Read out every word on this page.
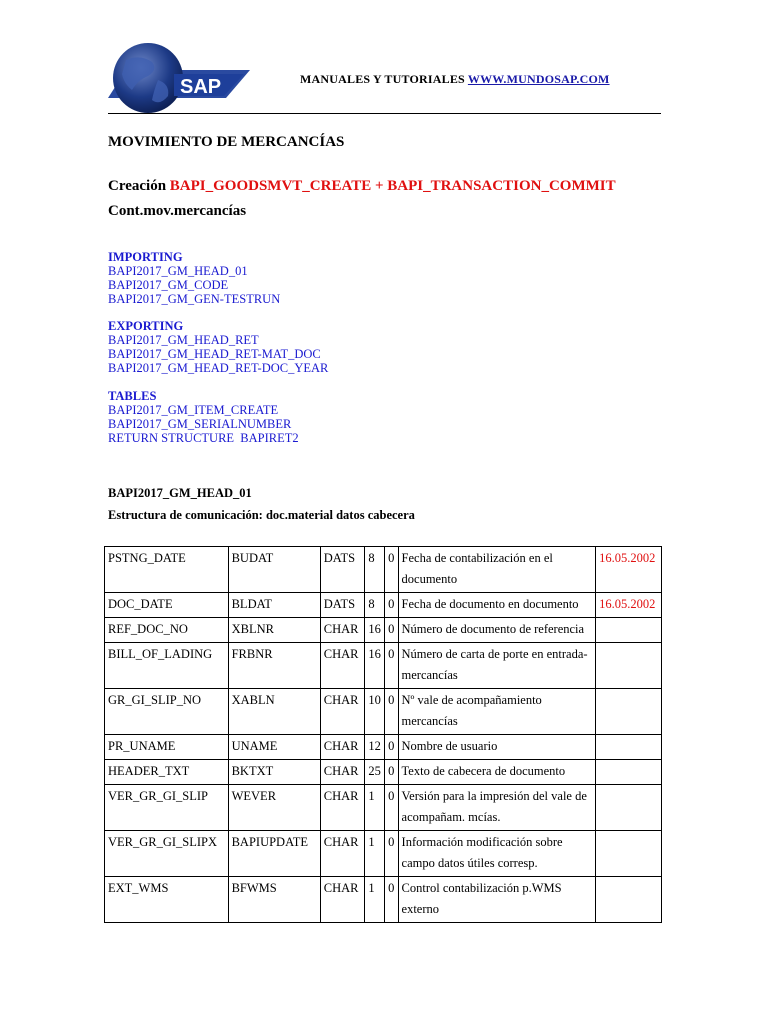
SAP	MANUALES Y TUTORIALES WWW.MUNDOSAP.COM
MOVIMIENTO DE MERCANCÍAS
Creación BAPI_GOODSMVT_CREATE + BAPI_TRANSACTION_COMMIT
Cont.mov.mercancías
IMPORTING
BAPI2017_GM_HEAD_01
BAPI2017_GM_CODE
BAPI2017_GM_GEN-TESTRUN
EXPORTING
BAPI2017_GM_HEAD_RET
BAPI2017_GM_HEAD_RET-MAT_DOC
BAPI2017_GM_HEAD_RET-DOC_YEAR
TABLES
BAPI2017_GM_ITEM_CREATE
BAPI2017_GM_SERIALNUMBER
RETURN STRUCTURE  BAPIRET2
BAPI2017_GM_HEAD_01
Estructura de comunicación: doc.material datos cabecera
PSTNG_DATE	BUDAT	DATS	8	0	Fecha de contabilización en el documento	16.05.2002
DOC_DATE	BLDAT	DATS	8	0	Fecha de documento en documento	16.05.2002
REF_DOC_NO	XBLNR	CHAR	16	0	Número de documento de referencia	
BILL_OF_LADING	FRBNR	CHAR	16	0	Número de carta de porte en entrada-mercancías	
GR_GI_SLIP_NO	XABLN	CHAR	10	0	Nº vale de acompañamiento mercancías	
PR_UNAME	UNAME	CHAR	12	0	Nombre de usuario	
HEADER_TXT	BKTXT	CHAR	25	0	Texto de cabecera de documento	
VER_GR_GI_SLIP	WEVER	CHAR	1	0	Versión para la impresión del vale de acompañam. mcías.	
VER_GR_GI_SLIPX	BAPIUPDATE	CHAR	1	0	Información modificación sobre campo datos útiles corresp.	
EXT_WMS	BFWMS	CHAR	1	0	Control contabilización p.WMS externo	
